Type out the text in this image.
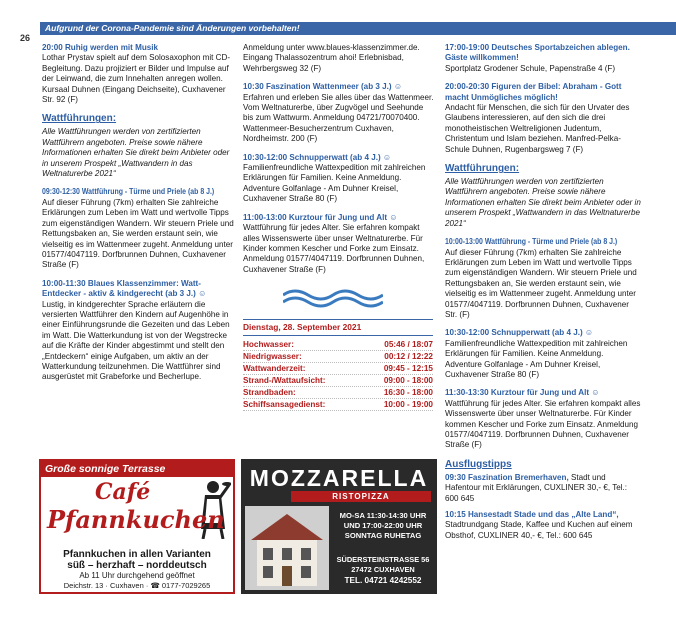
Aufgrund der Corona-Pandemie sind Änderungen vorbehalten!
26
20:00 Ruhig werden mit Musik
Lothar Prystav spielt auf dem Solosaxophon mit CD-Begleitung. Dazu projiziert er Bilder und Impulse auf der Leinwand, die zum Innehalten anregen wollen. Kursaal Duhnen (Eingang Deichseite), Cuxhavener Str. 92 (F)
Wattführungen:
Alle Wattführungen werden von zertifizierten Wattführern angeboten. Preise sowie nähere Informationen erhalten Sie direkt beim Anbieter oder in unserem Prospekt „Wattwandern in das Weltnaturerbe 2021“
09:30-12:30 Wattführung - Türme und Priele (ab 8 J.)
Auf dieser Führung (7km) erhalten Sie zahlreiche Erklärungen zum Leben im Watt und wertvolle Tipps zum eigenständigen Wandern. Wir steuern Priele und Rettungsbaken an, Sie werden erstaunt sein, wie vielseitig es im Wattenmeer zugeht. Anmeldung unter 01577/4047119. Dorfbrunnen Duhnen, Cuxhavener Straße (F)
10:00-11:30 Blaues Klassenzimmer: Watt-Entdecker - aktiv & kindgerecht (ab 3 J.) ☺
Lustig, in kindgerechter Sprache erläutern die versierten Wattführer den Kindern auf Augenhöhe in einer Einführungsrunde die Gezeiten und das Leben im Watt. Die Watterkundung ist von der Wegstrecke auf die Kräfte der Kinder abgestimmt und stellt den „Entdeckern“ einige Aufgaben, um aktiv an der Watterkundung teilzunehmen. Die Wattführer sind ausgerüstet mit Grabeforke und Becherlupe.
Anmeldung unter www.blaues-klassenzimmer.de. Eingang Thalassozentrum ahoi! Erlebnisbad, Wehrbergsweg 32 (F)
10:30 Faszination Wattenmeer (ab 3 J.) ☺
Erfahren und erleben Sie alles über das Wattenmeer. Vom Weltnaturerbe, über Zugvögel und Seehunde bis zum Wattwurm. Anmeldung 04721/70070400. Wattenmeer-Besucherzentrum Cuxhaven, Nordheimstr. 200 (F)
10:30-12:00 Schnupperwatt (ab 4 J.) ☺
Familienfreundliche Wattexpedition mit zahlreichen Erklärungen für Familien. Keine Anmeldung. Adventure Golfanlage - Am Duhner Kreisel, Cuxhavener Straße 80 (F)
11:00-13:00 Kurztour für Jung und Alt ☺
Wattführung für jedes Alter. Sie erfahren kompakt alles Wissenswerte über unser Weltnaturerbe. Für Kinder kommen Kescher und Forke zum Einsatz. Anmeldung 01577/4047119. Dorfbrunnen Duhnen, Cuxhavener Straße (F)
Dienstag, 28. September 2021
Hochwasser:	05:46 / 18:07
Niedrigwasser:	00:12 / 12:22
Wattwanderzeit:	09:45 - 12:15
Strand-/Wattaufsicht:	09:00 - 18:00
Strandbaden:	16:30 - 18:00
Schiffsansagedienst:	10:00 - 19:00
17:00-19:00 Deutsches Sportabzeichen ablegen. Gäste willkommen!
Sportplatz Grodener Schule, Papenstraße 4 (F)
20:00-20:30 Figuren der Bibel: Abraham - Gott macht Unmögliches möglich!
Andacht für Menschen, die sich für den Urvater des Glaubens interessieren, auf den sich die drei monotheistischen Weltreligionen Judentum, Christentum und Islam beziehen. Manfred-Pelka-Schule Duhnen, Rugenbargsweg 7 (F)
Wattführungen:
Alle Wattführungen werden von zertifizierten Wattführern angeboten. Preise sowie nähere Informationen erhalten Sie direkt beim Anbieter oder in unserem Prospekt „Wattwandern in das Weltnaturerbe 2021“
10:00-13:00 Wattführung - Türme und Priele (ab 8 J.)
Auf dieser Führung (7km) erhalten Sie zahlreiche Erklärungen zum Leben im Watt und wertvolle Tipps zum eigenständigen Wandern. Wir steuern Priele und Rettungsbaken an, Sie werden erstaunt sein, wie vielseitig es im Wattenmeer zugeht. Anmeldung unter 01577/4047119. Dorfbrunnen Duhnen, Cuxhavener Str. (F)
10:30-12:00 Schnupperwatt (ab 4 J.) ☺
Familienfreundliche Wattexpedition mit zahlreichen Erklärungen für Familien. Keine Anmeldung. Adventure Golfanlage - Am Duhner Kreisel, Cuxhavener Straße 80 (F)
11:30-13:30 Kurztour für Jung und Alt ☺
Wattführung für jedes Alter. Sie erfahren kompakt alles Wissenswerte über unser Weltnaturerbe. Für Kinder kommen Kescher und Forke zum Einsatz. Anmeldung 01577/4047119. Dorfbrunnen Duhnen, Cuxhavener Straße (F)
Ausflugstipps
09:30 Faszination Bremerhaven, Stadt und Hafentour mit Erklärungen, CUXLINER 30,- €, Tel.: 600 645
10:15 Hansestadt Stade und das „Alte Land“, Stadtrundgang Stade, Kaffee und Kuchen auf einem Obsthof, CUXLINER 40,- €, Tel.: 600 645
Große sonnige Terrasse
Café
Pfannkuchen
Pfannkuchen in allen Varianten
süß – herzhaft – norddeutsch
Ab 11 Uhr durchgehend geöffnet
Deichstr. 13 · Cuxhaven · ☎ 0177-7029265
MOZZARELLA
RISTOPIZZA
MO-SA 11:30-14:30 UHR
UND 17:00-22:00 UHR
SONNTAG RUHETAG
SÜDERSTEINSTRASSE 56
27472 CUXHAVEN
TEL. 04721 4242552
